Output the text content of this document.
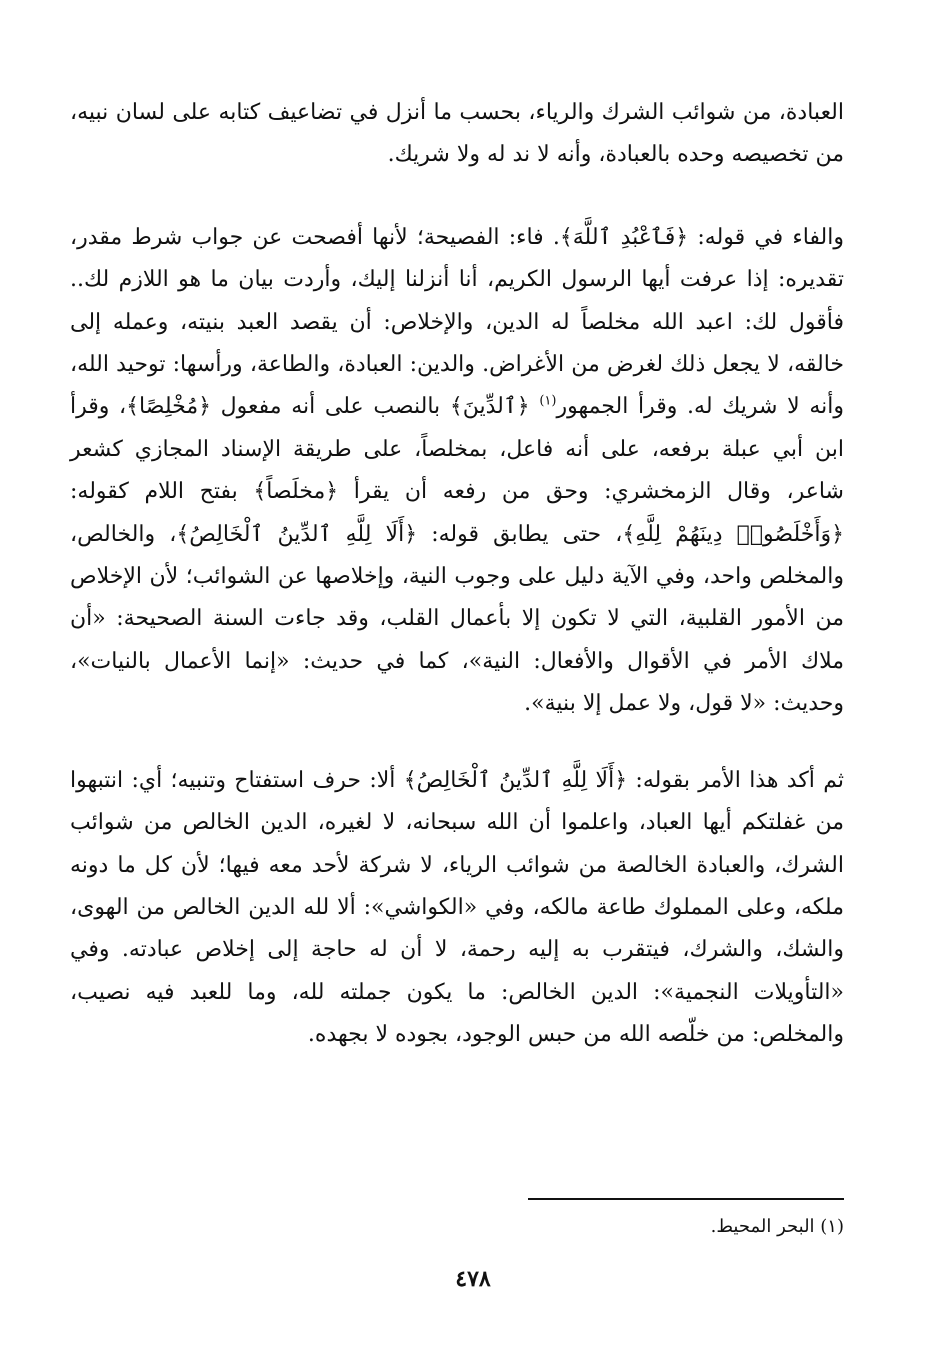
العبادة، من شوائب الشرك والرياء، بحسب ما أنزل في تضاعيف كتابه على لسان نبيه، من تخصيصه وحده بالعبادة، وأنه لا ند له ولا شريك.

والفاء في قوله: ﴿فَٱعْبُدِ ٱللَّهَ﴾. فاء: الفصيحة؛ لأنها أفصحت عن جواب شرط مقدر، تقديره: إذا عرفت أيها الرسول الكريم، أنا أنزلنا إليك، وأردت بيان ما هو اللازم لك.. فأقول لك: اعبد الله مخلصاً له الدين، والإخلاص: أن يقصد العبد بنيته، وعمله إلى خالقه، لا يجعل ذلك لغرض من الأغراض. والدين: العبادة، والطاعة، ورأسها: توحيد الله، وأنه لا شريك له. وقرأ الجمهور$^{(١)}$ ﴿ٱلدِّينَ﴾ بالنصب على أنه مفعول ﴿مُخْلِصًا﴾، وقرأ ابن أبي عبلة برفعه، على أنه فاعل، بمخلصاً، على طريقة الإسناد المجازي كشعر شاعر، وقال الزمخشري: وحق من رفعه أن يقرأ ﴿مخلَصاً﴾ بفتح اللام كقوله: ﴿وَأَخْلَصُوا۟ دِينَهُمْ لِلَّهِ﴾، حتى يطابق قوله: ﴿أَلَا لِلَّهِ ٱلدِّينُ ٱلْخَالِصُ﴾، والخالص، والمخلص واحد، وفي الآية دليل على وجوب النية، وإخلاصها عن الشوائب؛ لأن الإخلاص من الأمور القلبية، التي لا تكون إلا بأعمال القلب، وقد جاءت السنة الصحيحة: «أن ملاك الأمر في الأقوال والأفعال: النية»، كما في حديث: «إنما الأعمال بالنيات»، وحديث: «لا قول، ولا عمل إلا بنية».

ثم أكد هذا الأمر بقوله: ﴿أَلَا لِلَّهِ ٱلدِّينُ ٱلْخَالِصُ﴾ ألا: حرف استفتاح وتنبيه؛ أي: انتبهوا من غفلتكم أيها العباد، واعلموا أن الله سبحانه، لا لغيره، الدين الخالص من شوائب الشرك، والعبادة الخالصة من شوائب الرياء، لا شركة لأحد معه فيها؛ لأن كل ما دونه ملكه، وعلى المملوك طاعة مالكه، وفي «الكواشي»: ألا لله الدين الخالص من الهوى، والشك، والشرك، فيتقرب به إليه رحمة، لا أن له حاجة إلى إخلاص عبادته. وفي «التأويلات النجمية»: الدين الخالص: ما يكون جملته لله، وما للعبد فيه نصيب، والمخلص: من خلّصه الله من حبس الوجود، بجوده لا بجهده.

(١) البحر المحيط.
٤٧٨
